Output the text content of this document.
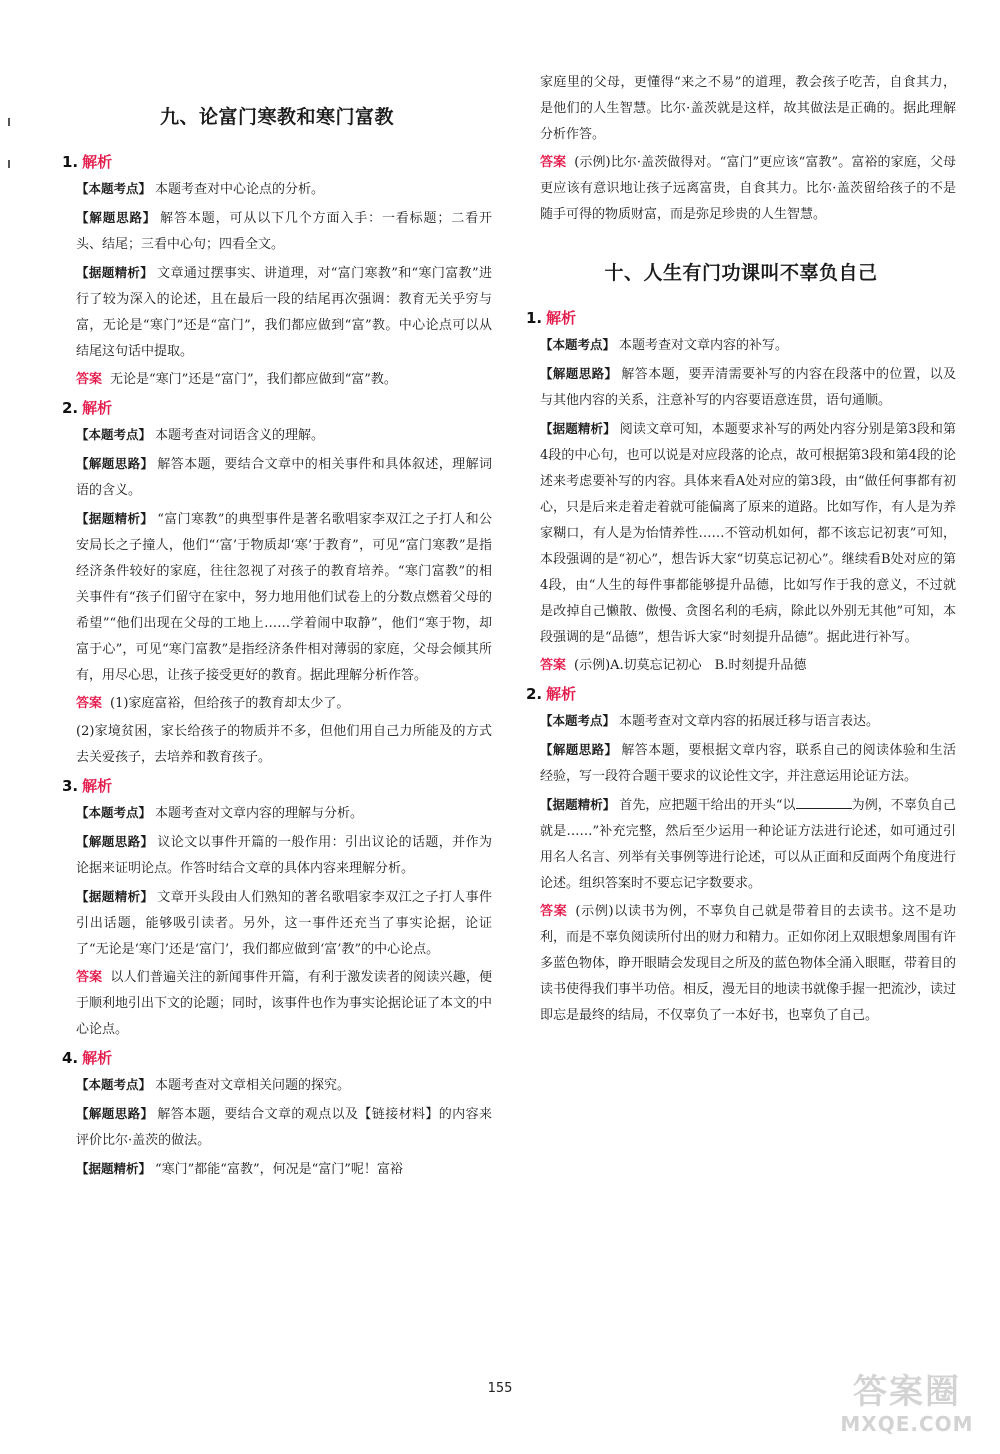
九、论富门寒教和寒门富教
1. 解析

【本题考点】 本题考查对中心论点的分析。

【解题思路】 解答本题，可从以下几个方面入手：一看标题；二看开头、结尾；三看中心句；四看全文。

【据题精析】 文章通过摆事实、讲道理，对“富门寒教”和“寒门富教”进行了较为深入的论述，且在最后一段的结尾再次强调：教育无关乎穷与富，无论是“寒门”还是“富门”，我们都应做到“富”教。中心论点可以从结尾这句话中提取。

答案 无论是“寒门”还是“富门”，我们都应做到“富”教。

2. 解析

【本题考点】 本题考查对词语含义的理解。

【解题思路】 解答本题，要结合文章中的相关事件和具体叙述，理解词语的含义。

【据题精析】 “富门寒教”的典型事件是著名歌唱家李双江之子打人和公安局长之子撞人，他们“‘富’于物质却‘寒’于教育”，可见“富门寒教”是指经济条件较好的家庭，往往忽视了对孩子的教育培养。“寒门富教”的相关事件有“孩子们留守在家中，努力地用他们试卷上的分数点燃着父母的希望”“他们出现在父母的工地上……学着闹中取静”，他们“寒于物，却富于心”，可见“寒门富教”是指经济条件相对薄弱的家庭，父母会倾其所有，用尽心思，让孩子接受更好的教育。据此理解分析作答。

答案 (1)家庭富裕，但给孩子的教育却太少了。

(2)家境贫困，家长给孩子的物质并不多，但他们用自己力所能及的方式去关爱孩子，去培养和教育孩子。

3. 解析

【本题考点】 本题考查对文章内容的理解与分析。

【解题思路】 议论文以事件开篇的一般作用：引出议论的话题，并作为论据来证明论点。作答时结合文章的具体内容来理解分析。

【据题精析】 文章开头段由人们熟知的著名歌唱家李双江之子打人事件引出话题，能够吸引读者。另外，这一事件还充当了事实论据，论证了“无论是‘寒门’还是‘富门’，我们都应做到‘富’教”的中心论点。

答案 以人们普遍关注的新闻事件开篇，有利于激发读者的阅读兴趣，便于顺利地引出下文的论题；同时，该事件也作为事实论据论证了本文的中心论点。

4. 解析

【本题考点】 本题考查对文章相关问题的探究。

【解题思路】 解答本题，要结合文章的观点以及【链接材料】的内容来评价比尔·盖茨的做法。

【据题精析】 “寒门”都能“富教”，何况是“富门”呢！富裕

家庭里的父母，更懂得“来之不易”的道理，教会孩子吃苦，自食其力，是他们的人生智慧。比尔·盖茨就是这样，故其做法是正确的。据此理解分析作答。

答案 (示例)比尔·盖茨做得对。“富门”更应该“富教”。富裕的家庭，父母更应该有意识地让孩子远离富贵，自食其力。比尔·盖茨留给孩子的不是随手可得的物质财富，而是弥足珍贵的人生智慧。

十、人生有门功课叫不辜负自己
1. 解析

【本题考点】 本题考查对文章内容的补写。

【解题思路】 解答本题，要弄清需要补写的内容在段落中的位置，以及与其他内容的关系，注意补写的内容要语意连贯，语句通顺。

【据题精析】 阅读文章可知，本题要求补写的两处内容分别是第3段和第4段的中心句，也可以说是对应段落的论点，故可根据第3段和第4段的论述来考虑要补写的内容。具体来看A处对应的第3段，由“做任何事都有初心，只是后来走着走着就可能偏离了原来的道路。比如写作，有人是为养家糊口，有人是为怡情养性……不管动机如何，都不该忘记初衷”可知，本段强调的是“初心”，想告诉大家“切莫忘记初心”。继续看B处对应的第4段，由“人生的每件事都能够提升品德，比如写作于我的意义，不过就是改掉自己懒散、傲慢、贪图名利的毛病，除此以外别无其他”可知，本段强调的是“品德”，想告诉大家“时刻提升品德”。据此进行补写。

答案 (示例)A.切莫忘记初心　B.时刻提升品德

2. 解析

【本题考点】 本题考查对文章内容的拓展迁移与语言表达。

【解题思路】 解答本题，要根据文章内容，联系自己的阅读体验和生活经验，写一段符合题干要求的议论性文字，并注意运用论证方法。

【据题精析】 首先，应把题干给出的开头“以	为例，不辜负自己就是……”补充完整，然后至少运用一种论证方法进行论述，如可通过引用名人名言、列举有关事例等进行论述，可以从正面和反面两个角度进行论述。组织答案时不要忘记字数要求。

答案 (示例)以读书为例，不辜负自己就是带着目的去读书。这不是功利，而是不辜负阅读所付出的财力和精力。正如你闭上双眼想象周围有许多蓝色物体，睁开眼睛会发现目之所及的蓝色物体全涌入眼眶，带着目的读书使得我们事半功倍。相反，漫无目的地读书就像手握一把流沙，读过即忘是最终的结局，不仅辜负了一本好书，也辜负了自己。

155	答案圈
MXQE.COM
